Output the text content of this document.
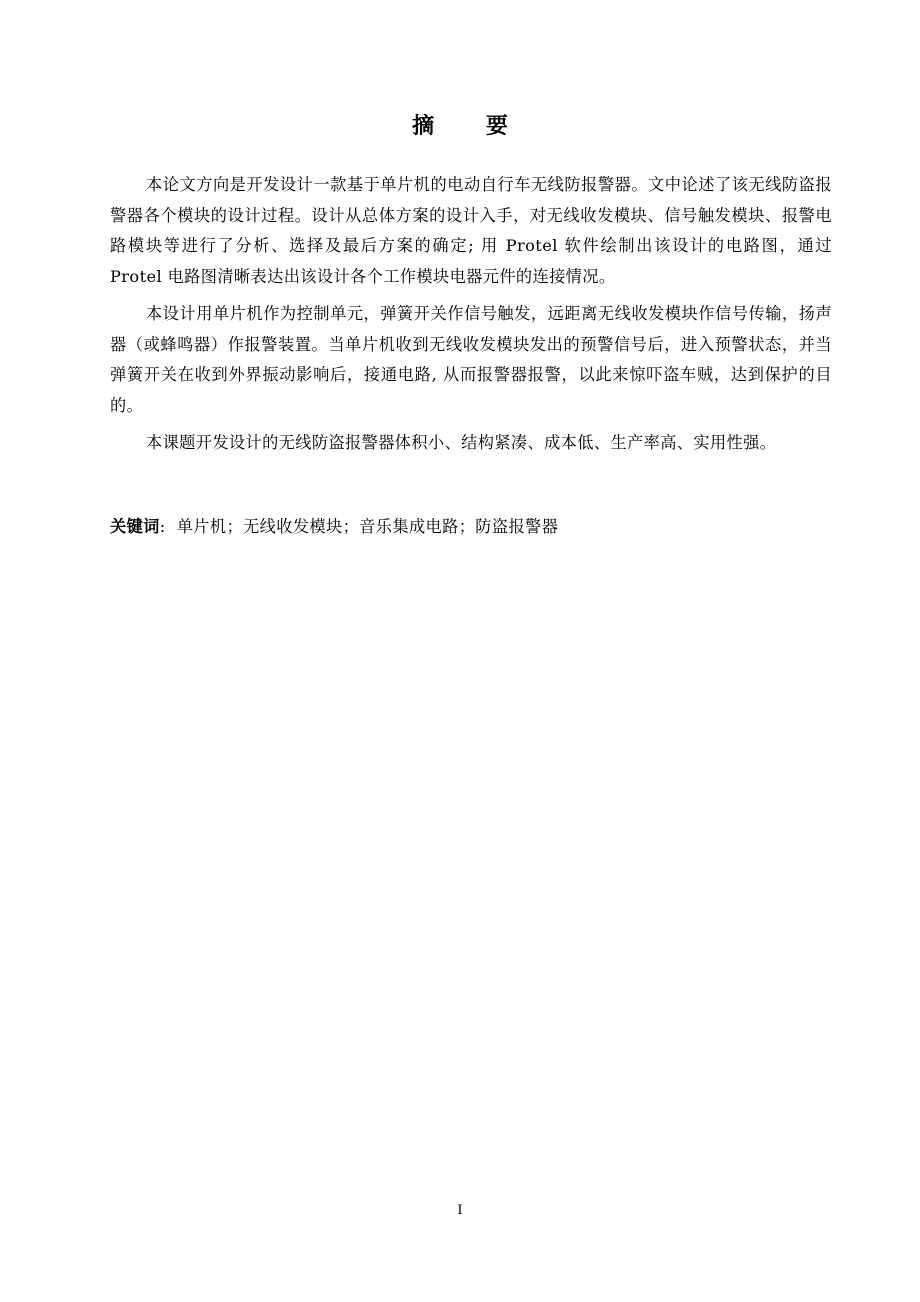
摘 要

本论文方向是开发设计一款基于单片机的电动自行车无线防报警器。文中论述了该无线防盗报警器各个模块的设计过程。设计从总体方案的设计入手，对无线收发模块、信号触发模块、报警电路模块等进行了分析、选择及最后方案的确定; 用 Protel 软件绘制出该设计的电路图，通过 Protel 电路图清晰表达出该设计各个工作模块电器元件的连接情况。

本设计用单片机作为控制单元，弹簧开关作信号触发，远距离无线收发模块作信号传输，扬声器（或蜂鸣器）作报警装置。当单片机收到无线收发模块发出的预警信号后，进入预警状态，并当弹簧开关在收到外界振动影响后，接通电路, 从而报警器报警，以此来惊吓盗车贼，达到保护的目的。

本课题开发设计的无线防盗报警器体积小、结构紧凑、成本低、生产率高、实用性强。

关键词: 单片机；无线收发模块；音乐集成电路；防盗报警器
I
